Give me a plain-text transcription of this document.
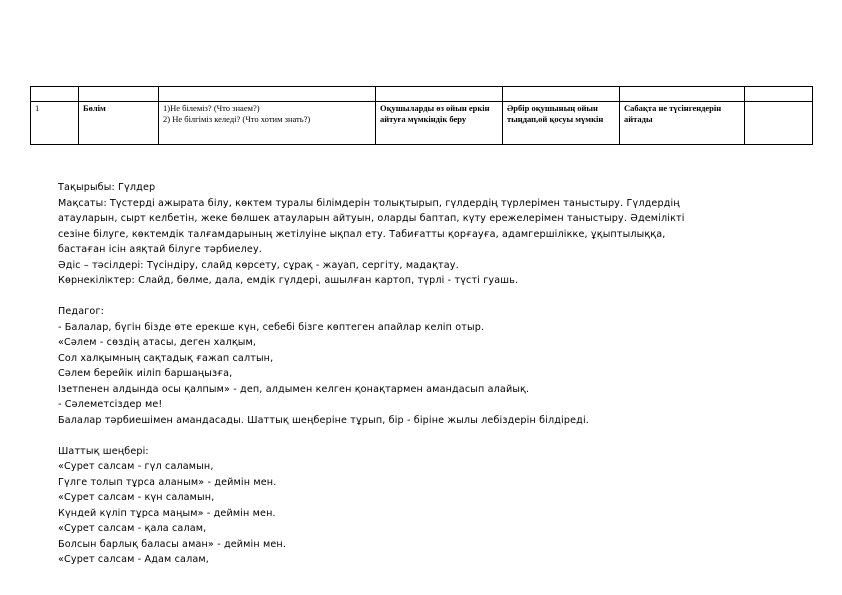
1	Бөлім	1)Не білеміз? (Что знаем?)
2) Не білгіміз келеді? (Что хотим знать?)	Оқушыларды өз ойын еркін айтуға мүмкіндік беру	Әрбір оқушының ойын тыңдап,ой қосуы мүмкін	Сабақта не түсінгендерін айтады	

Тақырыбы: Гүлдер

Мақсаты: Түстерді ажырата білу, көктем туралы білімдерін толықтырып, гүлдердің түрлерімен таныстыру. Гүлдердің

атауларын, сырт келбетін, жеке бөлшек атауларын айтуын, оларды баптап, күту ережелерімен таныстыру. Әдемілікті

сезіне білуге, көктемдік талғамдарының жетілуіне ықпал ету. Табиғатты қорғауға, адамгершілікке, ұқыптылыққа,

бастаған ісін аяқтай білуге тәрбиелеу.

Әдіс – тәсілдері: Түсіндіру, слайд көрсету, сұрақ - жауап, сергіту, мадақтау.

Көрнекіліктер: Слайд, бөлме, дала, емдік гүлдері, ашылған картоп, түрлі - түсті гуашь.

Педагог:

- Балалар, бүгін бізде өте ерекше күн, себебі бізге көптеген апайлар келіп отыр.

«Сәлем - сөздің атасы, деген халқым,

Сол халқымның сақтадық ғажап салтын,

Сәлем берейік иіліп баршаңызға,

Ізетпенен алдында осы қалпым» - деп, алдымен келген қонақтармен амандасып алайық.

- Сәлеметсіздер ме!

Балалар тәрбиешімен амандасады. Шаттық шеңберіне тұрып, бір - біріне жылы лебіздерін білдіреді.

Шаттық шеңбері:

«Сурет салсам - гүл саламын,

Гүлге толып тұрса аланым» - деймін мен.

«Сурет салсам - күн саламын,

Күндей күліп тұрса маңым» - деймін мен.

«Сурет салсам - қала салам,

Болсын барлық баласы аман» - деймін мен.

«Сурет салсам - Адам салам,
